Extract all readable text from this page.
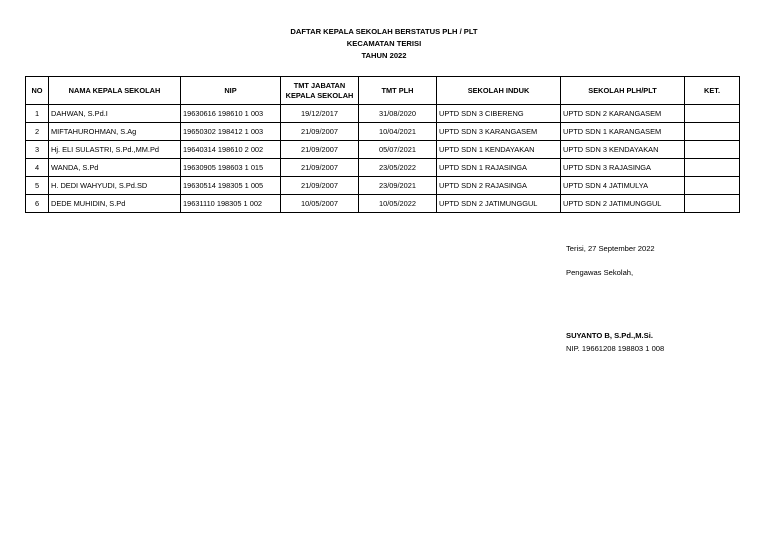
DAFTAR KEPALA SEKOLAH BERSTATUS PLH / PLT
KECAMATAN TERISI
TAHUN 2022
NO	NAMA KEPALA SEKOLAH	NIP	TMT JABATAN
KEPALA SEKOLAH	TMT PLH	SEKOLAH INDUK	SEKOLAH PLH/PLT	KET.
1	DAHWAN, S.Pd.I	19630616 198610 1 003	19/12/2017	31/08/2020	UPTD SDN 3 CIBERENG	UPTD SDN 2 KARANGASEM	
2	MIFTAHUROHMAN, S.Ag	19650302 198412 1 003	21/09/2007	10/04/2021	UPTD SDN 3 KARANGASEM	UPTD SDN 1 KARANGASEM	
3	Hj. ELI SULASTRI, S.Pd.,MM.Pd	19640314 198610 2 002	21/09/2007	05/07/2021	UPTD SDN 1 KENDAYAKAN	UPTD SDN 3 KENDAYAKAN	
4	WANDA, S.Pd	19630905 198603 1 015	21/09/2007	23/05/2022	UPTD SDN 1 RAJASINGA	UPTD SDN 3 RAJASINGA	
5	H. DEDI WAHYUDI, S.Pd.SD	19630514 198305 1 005	21/09/2007	23/09/2021	UPTD SDN 2 RAJASINGA	UPTD SDN 4 JATIMULYA	
6	DEDE MUHIDIN, S.Pd	19631110 198305 1 002	10/05/2007	10/05/2022	UPTD SDN 2 JATIMUNGGUL	UPTD SDN 2 JATIMUNGGUL	
Terisi, 27 September 2022
Pengawas Sekolah,
SUYANTO B, S.Pd.,M.Si.
NIP. 19661208 198803 1 008
